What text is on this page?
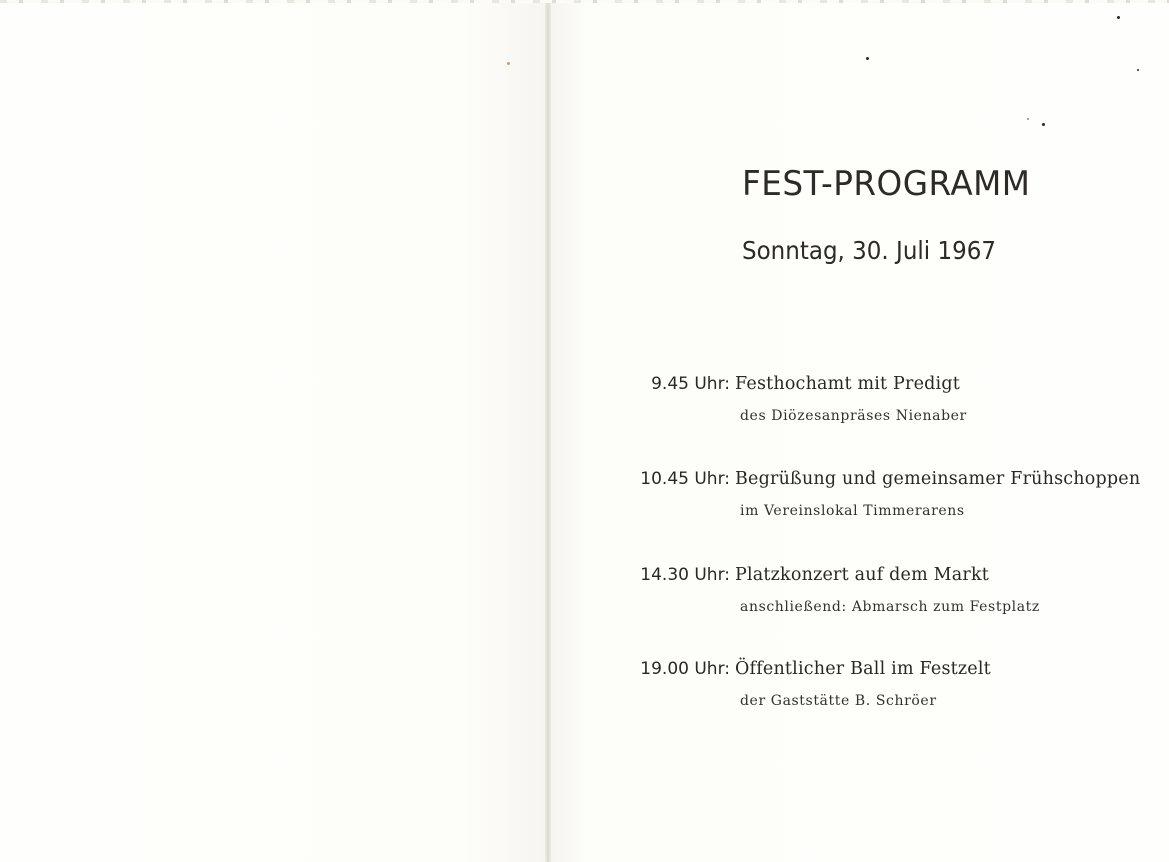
FEST-PROGRAMM
Sonntag, 30. Juli 1967
9.45 Uhr: Festhochamt mit Predigt
des Diözesanpräses Nienaber
10.45 Uhr: Begrüßung und gemeinsamer Frühschoppen
im Vereinslokal Timmerarens
14.30 Uhr: Platzkonzert auf dem Markt
anschließend: Abmarsch zum Festplatz
19.00 Uhr: Öffentlicher Ball im Festzelt
der Gaststätte B. Schröer
